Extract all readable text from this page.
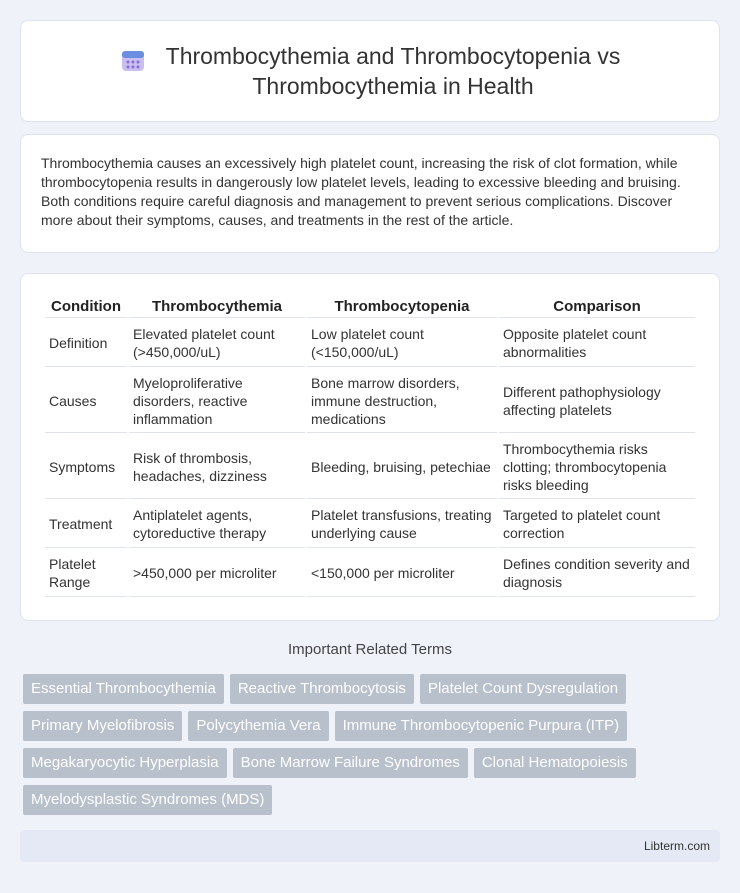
Thrombocythemia and Thrombocytopenia vs
Thrombocythemia in Health

Thrombocythemia causes an excessively high platelet count, increasing the risk of clot formation, while thrombocytopenia results in dangerously low platelet levels, leading to excessive bleeding and bruising. Both conditions require careful diagnosis and management to prevent serious complications. Discover more about their symptoms, causes, and treatments in the rest of the article.

Condition	Thrombocythemia	Thrombocytopenia	Comparison
Definition	Elevated platelet count (>450,000/uL)	Low platelet count (<150,000/uL)	Opposite platelet count abnormalities
Causes	Myeloproliferative disorders, reactive inflammation	Bone marrow disorders, immune destruction, medications	Different pathophysiology affecting platelets
Symptoms	Risk of thrombosis, headaches, dizziness	Bleeding, bruising, petechiae	Thrombocythemia risks clotting; thrombocytopenia risks bleeding
Treatment	Antiplatelet agents, cytoreductive therapy	Platelet transfusions, treating underlying cause	Targeted to platelet count correction
Platelet Range	>450,000 per microliter	<150,000 per microliter	Defines condition severity and diagnosis
Important Related Terms
Essential Thrombocythemia	Reactive Thrombocytosis	Platelet Count Dysregulation
Primary Myelofibrosis	Polycythemia Vera	Immune Thrombocytopenic Purpura (ITP)
Megakaryocytic Hyperplasia	Bone Marrow Failure Syndromes	Clonal Hematopoiesis
Myelodysplastic Syndromes (MDS)
Libterm.com
